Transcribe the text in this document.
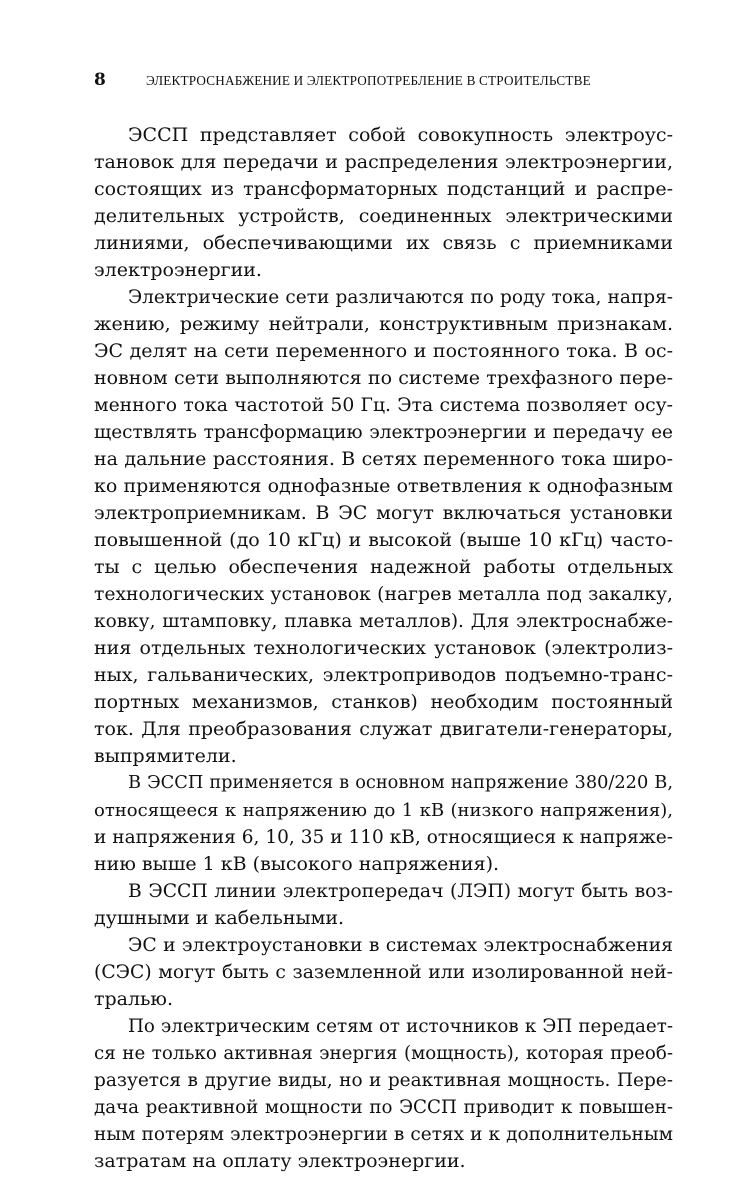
8	ЭЛЕКТРОСНАБЖЕНИЕ И ЭЛЕКТРОПОТРЕБЛЕНИЕ В СТРОИТЕЛЬСТВЕ

ЭССП представляет собой совокупность электроус-
тановок для передачи и распределения электроэнергии,
состоящих из трансформаторных подстанций и распре-
делительных устройств, соединенных электрическими
линиями, обеспечивающими их связь с приемниками
электроэнергии.

Электрические сети различаются по роду тока, напря-
жению, режиму нейтрали, конструктивным признакам.
ЭС делят на сети переменного и постоянного тока. В ос-
новном сети выполняются по системе трехфазного пере-
менного тока частотой 50 Гц. Эта система позволяет осу-
ществлять трансформацию электроэнергии и передачу ее
на дальние расстояния. В сетях переменного тока широ-
ко применяются однофазные ответвления к однофазным
электроприемникам. В ЭС могут включаться установки
повышенной (до 10 кГц) и высокой (выше 10 кГц) часто-
ты с целью обеспечения надежной работы отдельных
технологических установок (нагрев металла под закалку,
ковку, штамповку, плавка металлов). Для электроснабже-
ния отдельных технологических установок (электролиз-
ных, гальванических, электроприводов подъемно-транс-
портных механизмов, станков) необходим постоянный
ток. Для преобразования служат двигатели-генераторы,
выпрямители.

В ЭССП применяется в основном напряжение 380/220 В,
относящееся к напряжению до 1 кВ (низкого напряжения),
и напряжения 6, 10, 35 и 110 кВ, относящиеся к напряже-
нию выше 1 кВ (высокого напряжения).

В ЭССП линии электропередач (ЛЭП) могут быть воз-
душными и кабельными.

ЭС и электроустановки в системах электроснабжения
(СЭС) могут быть с заземленной или изолированной ней-
тралью.

По электрическим сетям от источников к ЭП передает-
ся не только активная энергия (мощность), которая преоб-
разуется в другие виды, но и реактивная мощность. Пере-
дача реактивной мощности по ЭССП приводит к повышен-
ным потерям электроэнергии в сетях и к дополнительным
затратам на оплату электроэнергии.
